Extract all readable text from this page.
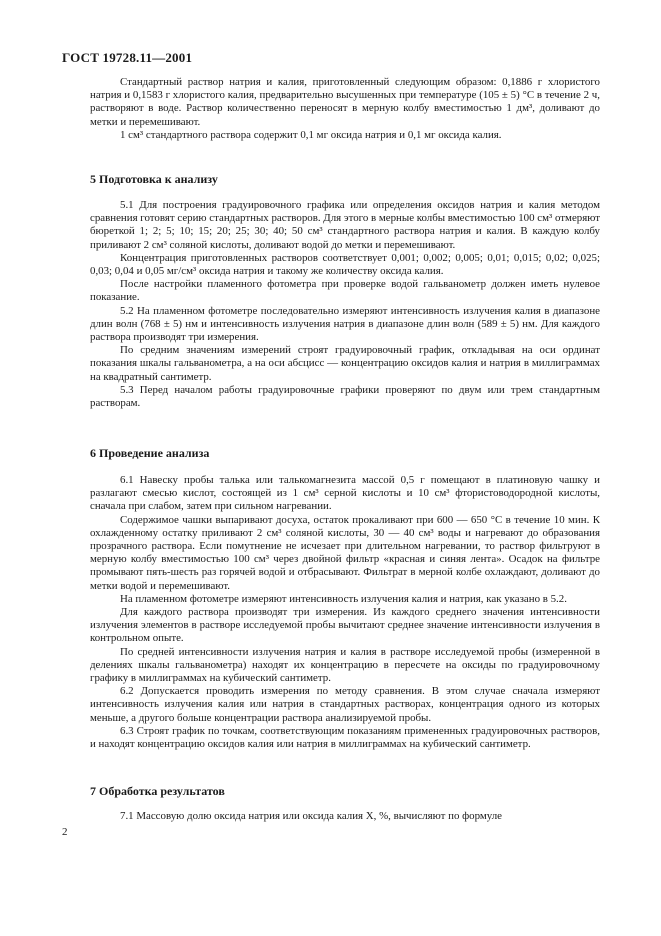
ГОСТ 19728.11—2001

Стандартный раствор натрия и калия, приготовленный следующим образом: 0,1886 г хлористого натрия и 0,1583 г хлористого калия, предварительно высушенных при температуре (105 ± 5) °С в течение 2 ч, растворяют в воде. Раствор количественно переносят в мерную колбу вместимостью 1 дм³, доливают до метки и перемешивают.

1 см³ стандартного раствора содержит 0,1 мг оксида натрия и 0,1 мг оксида калия.

5 Подготовка к анализу

5.1 Для построения градуировочного графика или определения оксидов натрия и калия методом сравнения готовят серию стандартных растворов. Для этого в мерные колбы вместимостью 100 см³ отмеряют бюреткой 1; 2; 5; 10; 15; 20; 25; 30; 40; 50 см³ стандартного раствора натрия и калия. В каждую колбу приливают 2 см³ соляной кислоты, доливают водой до метки и перемешивают.

Концентрация приготовленных растворов соответствует 0,001; 0,002; 0,005; 0,01; 0,015; 0,02; 0,025; 0,03; 0,04 и 0,05 мг/см³ оксида натрия и такому же количеству оксида калия.

После настройки пламенного фотометра при проверке водой гальванометр должен иметь нулевое показание.

5.2 На пламенном фотометре последовательно измеряют интенсивность излучения калия в диапазоне длин волн (768 ± 5) нм и интенсивность излучения натрия в диапазоне длин волн (589 ± 5) нм. Для каждого раствора производят три измерения.

По средним значениям измерений строят градуировочный график, откладывая на оси ординат показания шкалы гальванометра, а на оси абсцисс — концентрацию оксидов калия и натрия в миллиграммах на квадратный сантиметр.

5.3 Перед началом работы градуировочные графики проверяют по двум или трем стандартным растворам.

6 Проведение анализа

6.1 Навеску пробы талька или талькомагнезита массой 0,5 г помещают в платиновую чашку и разлагают смесью кислот, состоящей из 1 см³ серной кислоты и 10 см³ фтористоводородной кислоты, сначала при слабом, затем при сильном нагревании.

Содержимое чашки выпаривают досуха, остаток прокаливают при 600 — 650 °С в течение 10 мин. К охлажденному остатку приливают 2 см³ соляной кислоты, 30 — 40 см³ воды и нагревают до образования прозрачного раствора. Если помутнение не исчезает при длительном нагревании, то раствор фильтруют в мерную колбу вместимостью 100 см³ через двойной фильтр «красная и синяя лента». Осадок на фильтре промывают пять-шесть раз горячей водой и отбрасывают. Фильтрат в мерной колбе охлаждают, доливают до метки водой и перемешивают.

На пламенном фотометре измеряют интенсивность излучения калия и натрия, как указано в 5.2.

Для каждого раствора производят три измерения. Из каждого среднего значения интенсивности излучения элементов в растворе исследуемой пробы вычитают среднее значение интенсивности излучения в контрольном опыте.

По средней интенсивности излучения натрия и калия в растворе исследуемой пробы (измеренной в делениях шкалы гальванометра) находят их концентрацию в пересчете на оксиды по градуировочному графику в миллиграммах на кубический сантиметр.

6.2 Допускается проводить измерения по методу сравнения. В этом случае сначала измеряют интенсивность излучения калия или натрия в стандартных растворах, концентрация одного из которых меньше, а другого больше концентрации раствора анализируемой пробы.

6.3 Строят график по точкам, соответствующим показаниям примененных градуировочных растворов, и находят концентрацию оксидов калия или натрия в миллиграммах на кубический сантиметр.

7 Обработка результатов

7.1 Массовую долю оксида натрия или оксида калия X, %, вычисляют по формуле

2
